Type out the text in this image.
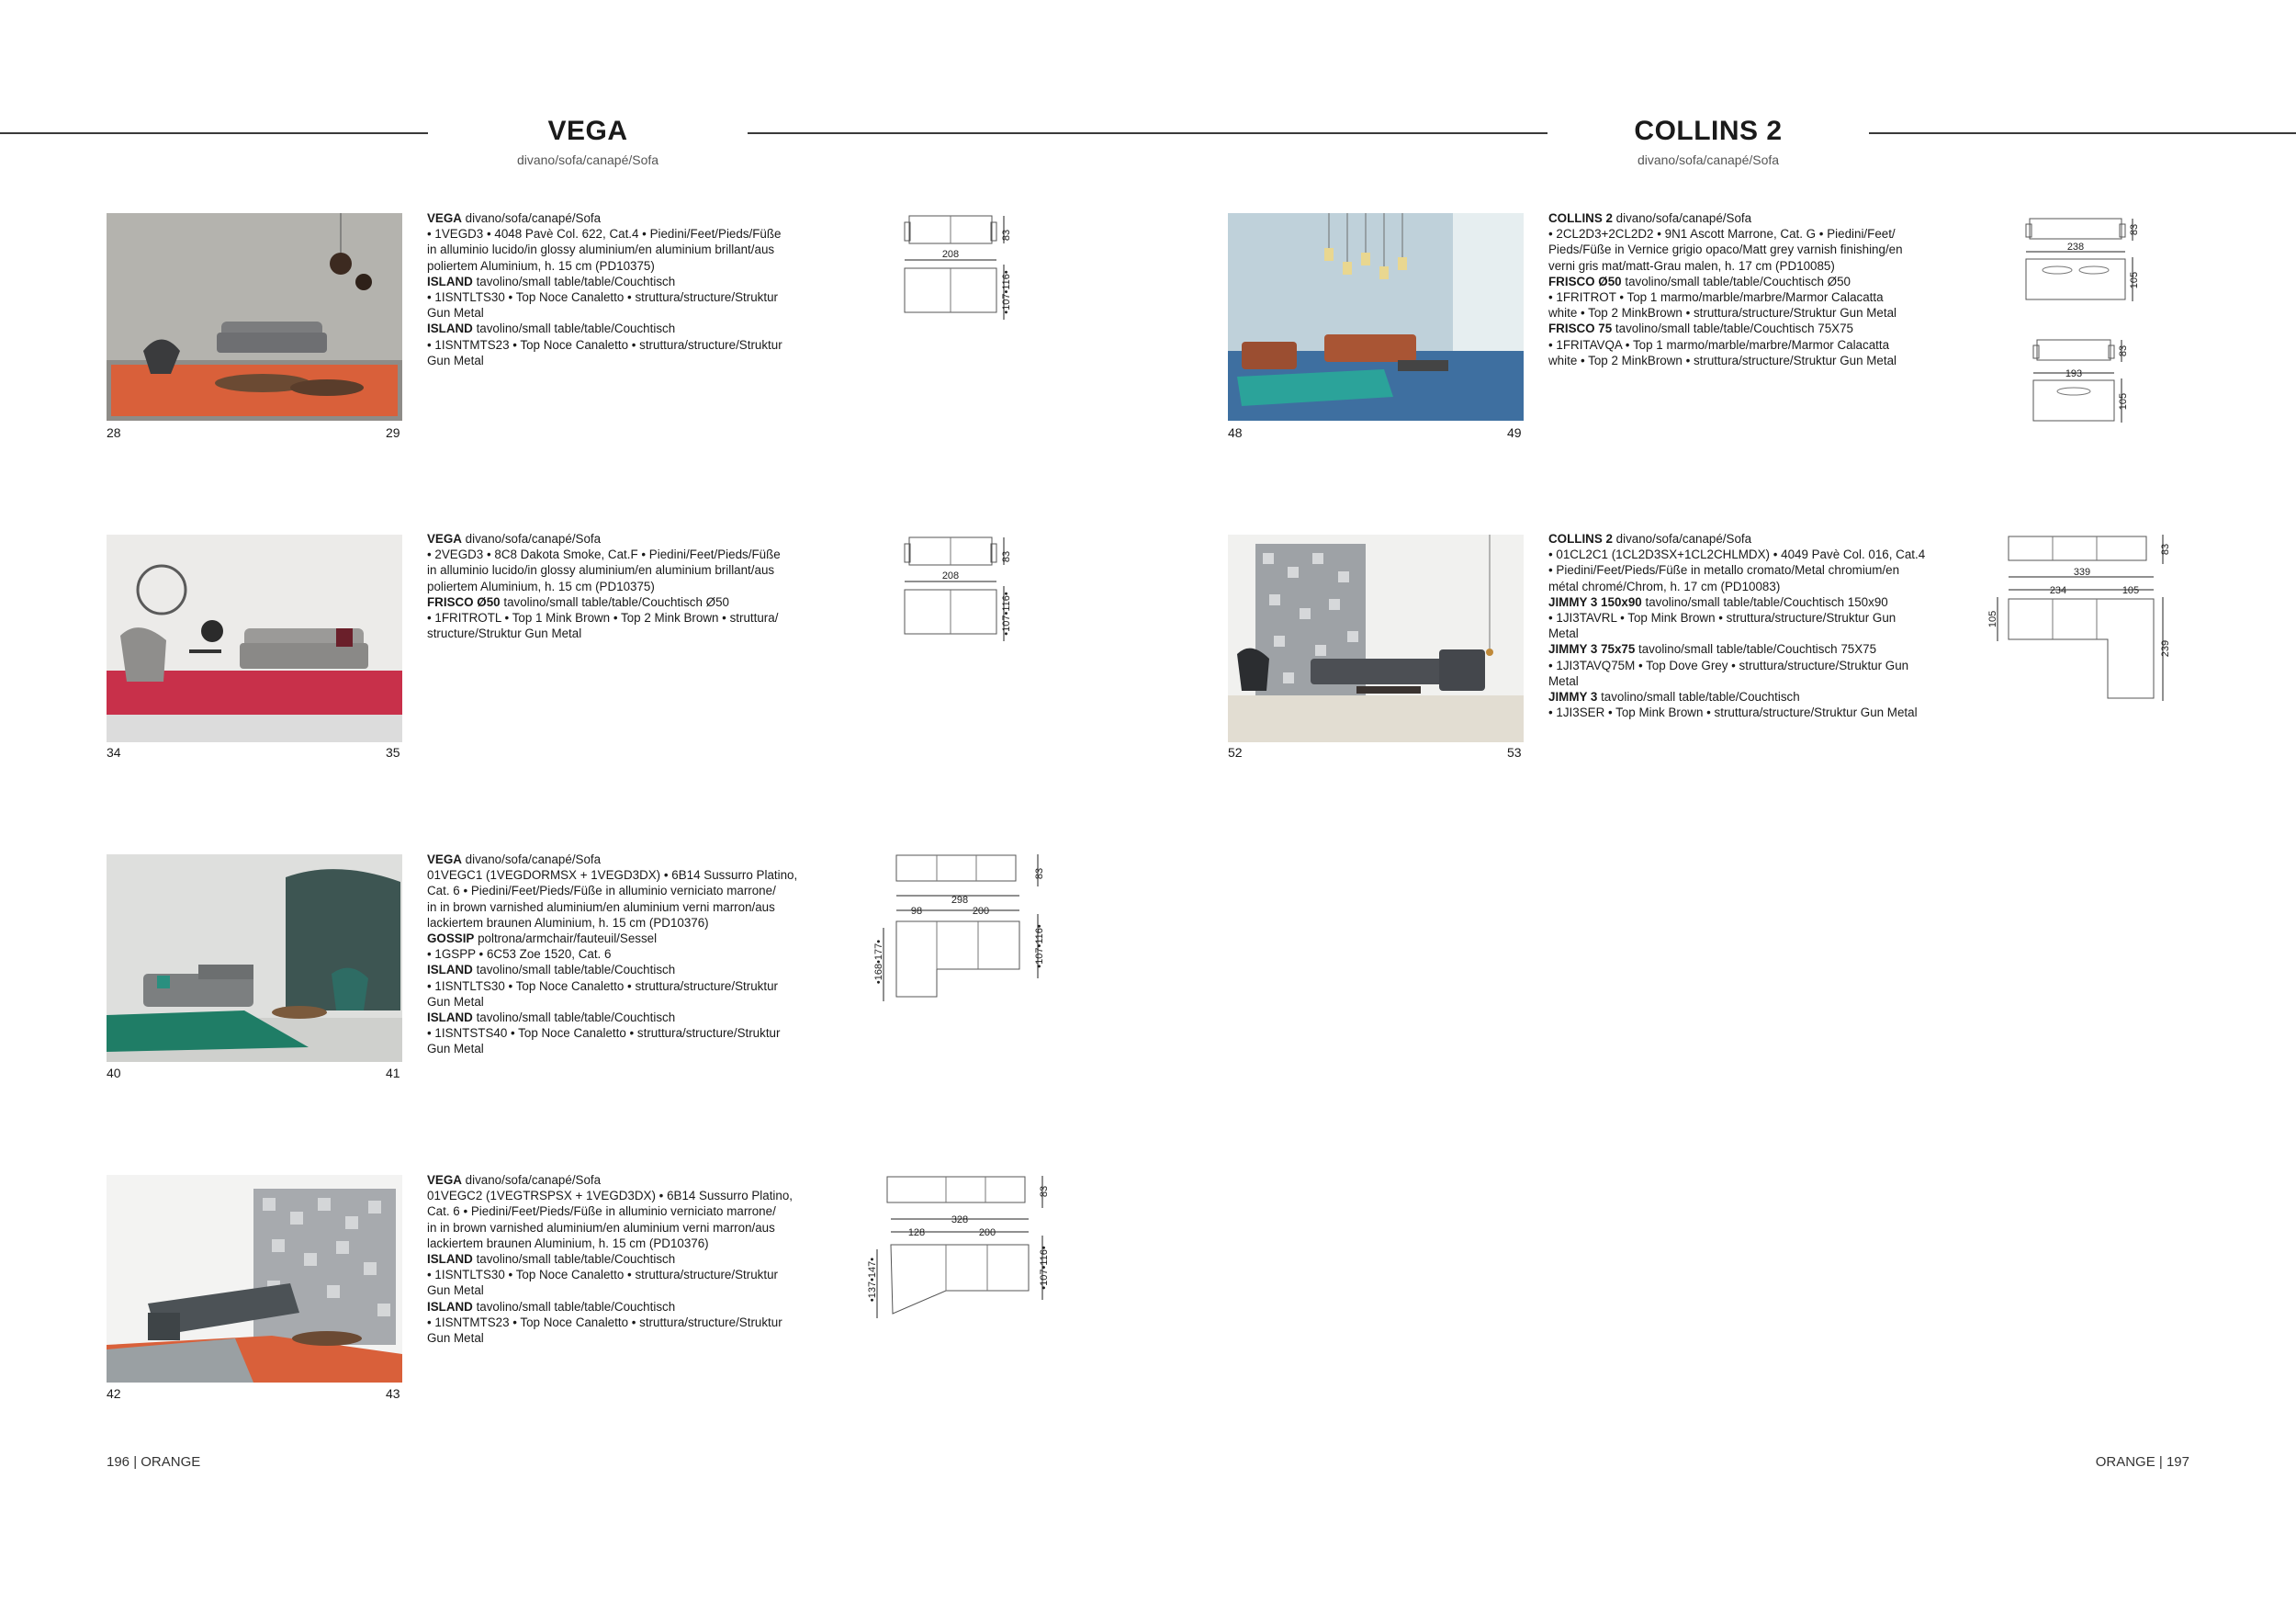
VEGA
divano/sofa/canapé/Sofa
COLLINS 2
divano/sofa/canapé/Sofa
28	29

VEGA divano/sofa/canapé/Sofa

• 1VEGD3 • 4048 Pavè Col. 622, Cat.4 • Piedini/Feet/Pieds/Füße

in alluminio lucido/in glossy aluminium/en aluminium brillant/aus

poliertem Aluminium, h. 15 cm (PD10375)

ISLAND tavolino/small table/table/Couchtisch

• 1ISNTLTS30 • Top Noce Canaletto • struttura/structure/Struktur

Gun Metal

ISLAND tavolino/small table/table/Couchtisch

• 1ISNTMTS23 • Top Noce Canaletto • struttura/structure/Struktur

Gun Metal

83
208
•107•116•
34	35

VEGA divano/sofa/canapé/Sofa

• 2VEGD3 • 8C8 Dakota Smoke, Cat.F • Piedini/Feet/Pieds/Füße

in alluminio lucido/in glossy aluminium/en aluminium brillant/aus

poliertem Aluminium, h. 15 cm (PD10375)

FRISCO Ø50 tavolino/small table/table/Couchtisch Ø50

• 1FRITROTL • Top 1 Mink Brown • Top 2 Mink Brown • struttura/

structure/Struktur Gun Metal

83
208
•107•116•
40	41

VEGA divano/sofa/canapé/Sofa

01VEGC1 (1VEGDORMSX + 1VEGD3DX) • 6B14 Sussurro Platino,

Cat. 6 • Piedini/Feet/Pieds/Füße in alluminio verniciato marrone/

in in brown varnished aluminium/en aluminium verni marron/aus

lackiertem braunen Aluminium, h. 15 cm (PD10376)

GOSSIP poltrona/armchair/fauteuil/Sessel

• 1GSPP • 6C53 Zoe 1520, Cat. 6

ISLAND tavolino/small table/table/Couchtisch

• 1ISNTLTS30 • Top Noce Canaletto • struttura/structure/Struktur

Gun Metal

ISLAND tavolino/small table/table/Couchtisch

• 1ISNTSTS40 • Top Noce Canaletto • struttura/structure/Struktur

Gun Metal

83
298
98	200
•107•116•
•168•177•
42	43

VEGA divano/sofa/canapé/Sofa

01VEGC2 (1VEGTRSPSX + 1VEGD3DX) • 6B14 Sussurro Platino,

Cat. 6 • Piedini/Feet/Pieds/Füße in alluminio verniciato marrone/

in in brown varnished aluminium/en aluminium verni marron/aus

lackiertem braunen Aluminium, h. 15 cm (PD10376)

ISLAND tavolino/small table/table/Couchtisch

• 1ISNTLTS30 • Top Noce Canaletto • struttura/structure/Struktur

Gun Metal

ISLAND tavolino/small table/table/Couchtisch

• 1ISNTMTS23 • Top Noce Canaletto • struttura/structure/Struktur

Gun Metal

83
328
128	200
•107•116•
•137•147•
48	49

COLLINS 2 divano/sofa/canapé/Sofa

• 2CL2D3+2CL2D2 • 9N1 Ascott Marrone, Cat. G • Piedini/Feet/

Pieds/Füße in Vernice grigio opaco/Matt grey varnish finishing/en

verni gris mat/matt-Grau malen, h. 17 cm (PD10085)

FRISCO Ø50 tavolino/small table/table/Couchtisch Ø50

• 1FRITROT • Top 1 marmo/marble/marbre/Marmor Calacatta

white • Top 2 MinkBrown • struttura/structure/Struktur Gun Metal

FRISCO 75 tavolino/small table/table/Couchtisch 75X75

• 1FRITAVQA • Top 1 marmo/marble/marbre/Marmor Calacatta

white • Top 2 MinkBrown • struttura/structure/Struktur Gun Metal

83
238
105
83
193
105
52	53

COLLINS 2 divano/sofa/canapé/Sofa

• 01CL2C1 (1CL2D3SX+1CL2CHLMDX) • 4049 Pavè Col. 016, Cat.4

• Piedini/Feet/Pieds/Füße in metallo cromato/Metal chromium/en

métal chromé/Chrom, h. 17 cm (PD10083)

JIMMY 3 150x90 tavolino/small table/table/Couchtisch 150x90

• 1JI3TAVRL • Top Mink Brown • struttura/structure/Struktur Gun

Metal

JIMMY 3 75x75 tavolino/small table/table/Couchtisch 75X75

• 1JI3TAVQ75M • Top Dove Grey • struttura/structure/Struktur Gun

Metal

JIMMY 3 tavolino/small table/table/Couchtisch

• 1JI3SER • Top Mink Brown • struttura/structure/Struktur Gun Metal

83
339
234	105
105
239
196 | ORANGE	ORANGE | 197
